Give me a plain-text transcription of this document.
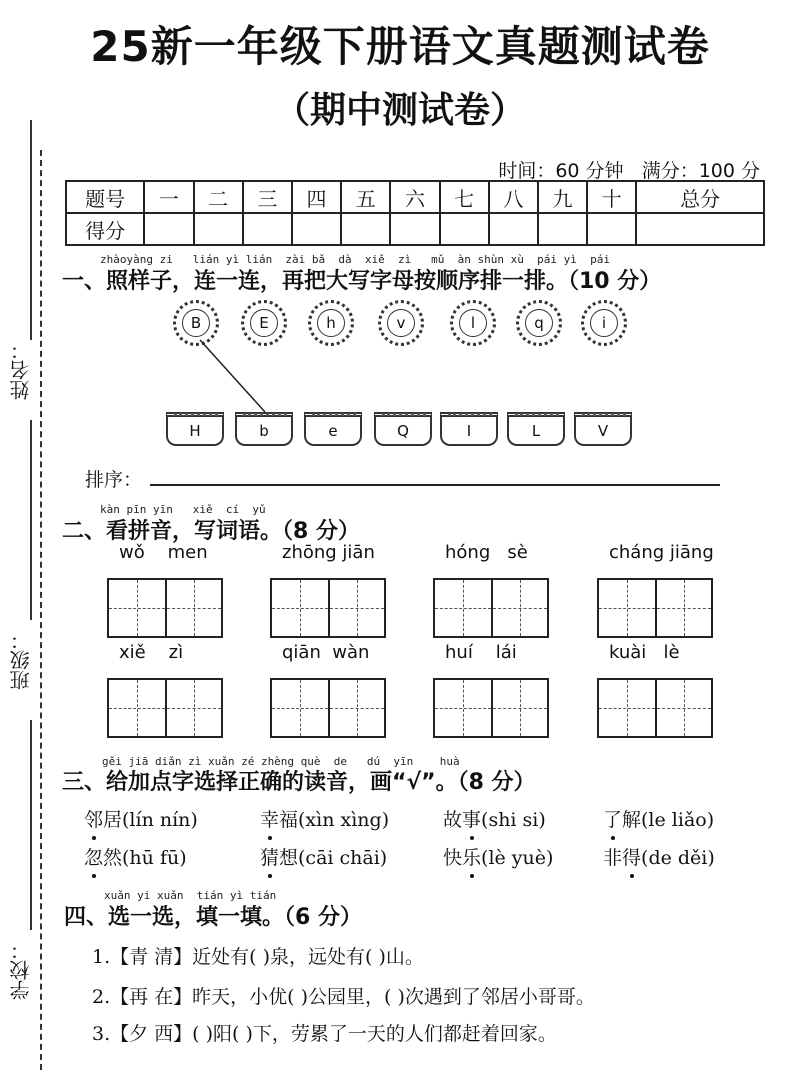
25新一年级下册语文真题测试卷
（期中测试卷）
时间：60 分钟 满分：100 分
姓名：
班级：
学校：
题号	一	二	三	四	五	六	七	八	九	十	总分
得分											
zhàoyàng zi   lián yì lián  zài bǎ  dà  xiě  zì   mǔ  àn shùn xù  pái yì  pái
一、照样子，连一连，再把大写字母按顺序排一排。（10 分）
B	E	h	v	l	q	i
H	b	e	Q	I	L	V
排序：
kàn pīn yīn   xiě  cí  yǔ
二、看拼音，写词语。（8 分）
wǒ    men	zhōng jiān	hóng   sè	cháng jiāng
xiě    zì	qiān  wàn	huí    lái	kuài   lè
gěi jiā diǎn zì xuǎn zé zhèng què  de   dú  yīn    huà
三、给加点字选择正确的读音，画“√”。（8 分）
邻居(lín nín)	幸福(xìn xìng)	故事(shi si)	了解(le liǎo)
忽然(hū fū)	猜想(cāi chāi)	快乐(lè yuè)	非得(de děi)
xuǎn yi xuǎn  tián yì tián
四、选一选，填一填。（6 分）
1.【青 清】近处有( )泉，远处有( )山。
2.【再 在】昨天，小优( )公园里，( )次遇到了邻居小哥哥。
3.【夕 西】( )阳( )下，劳累了一天的人们都赶着回家。
